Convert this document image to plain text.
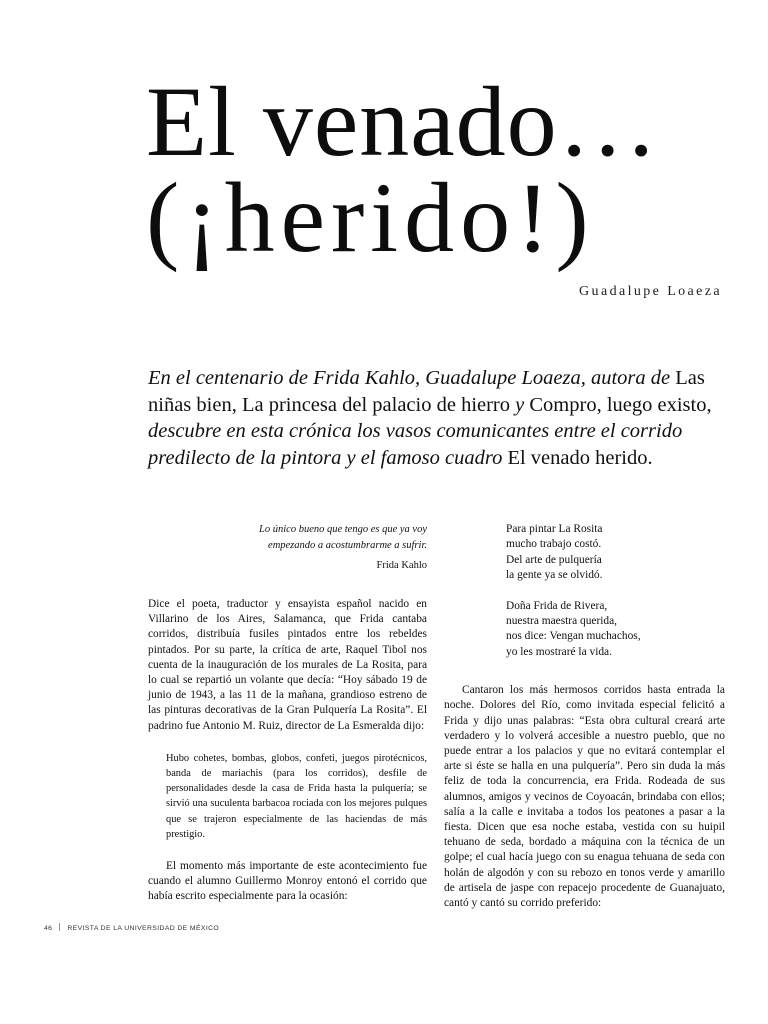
El venado…
(¡herido!)
Guadalupe Loaeza

En el centenario de Frida Kahlo, Guadalupe Loaeza, autora de Las niñas bien, La princesa del palacio de hierro y Compro, luego existo, descubre en esta crónica los vasos comunicantes entre el corrido predilecto de la pintora y el famoso cuadro El venado herido.

Lo único bueno que tengo es que ya voy
empezando a acostumbrarme a sufrir.
Frida Kahlo

Dice el poeta, traductor y ensayista español nacido en Villarino de los Aires, Salamanca, que Frida cantaba corridos, distribuía fusiles pintados entre los rebeldes pintados. Por su parte, la crítica de arte, Raquel Tibol nos cuenta de la inauguración de los murales de La Rosita, para lo cual se repartió un volante que decía: “Hoy sábado 19 de junio de 1943, a las 11 de la mañana, grandioso estreno de las pinturas decorativas de la Gran Pulquería La Rosita”. El padrino fue Antonio M. Ruiz, director de La Esmeralda dijo:

Hubo cohetes, bombas, globos, confeti, juegos pirotécnicos, banda de mariachis (para los corridos), desfile de personalidades desde la casa de Frida hasta la pulquería; se sirvió una suculenta barbacoa rociada con los mejores pulques que se trajeron especialmente de las haciendas de más prestigio.

El momento más importante de este acontecimiento fue cuando el alumno Guillermo Monroy entonó el corrido que había escrito especialmente para la ocasión:

Para pintar La Rosita
mucho trabajo costó.
Del arte de pulquería
la gente ya se olvidó.
Doña Frida de Rivera,
nuestra maestra querida,
nos dice: Vengan muchachos,
yo les mostraré la vida.

Cantaron los más hermosos corridos hasta entrada la noche. Dolores del Río, como invitada especial felicitó a Frida y dijo unas palabras: “Esta obra cultural creará arte verdadero y lo volverá accesible a nuestro pueblo, que no puede entrar a los palacios y que no evitará contemplar el arte si éste se halla en una pulquería”. Pero sin duda la más feliz de toda la concurrencia, era Frida. Rodeada de sus alumnos, amigos y vecinos de Coyoacán, brindaba con ellos; salía a la calle e invitaba a todos los peatones a pasar a la fiesta. Dicen que esa noche estaba, vestida con su huipil tehuano de seda, bordado a máquina con la técnica de un golpe; el cual hacía juego con su enagua tehuana de seda con holán de algodón y con su rebozo en tonos verde y amarillo de artisela de jaspe con repacejo procedente de Guanajuato, cantó y cantó su corrido preferido:

46 REVISTA DE LA UNIVERSIDAD DE MÉXICO
